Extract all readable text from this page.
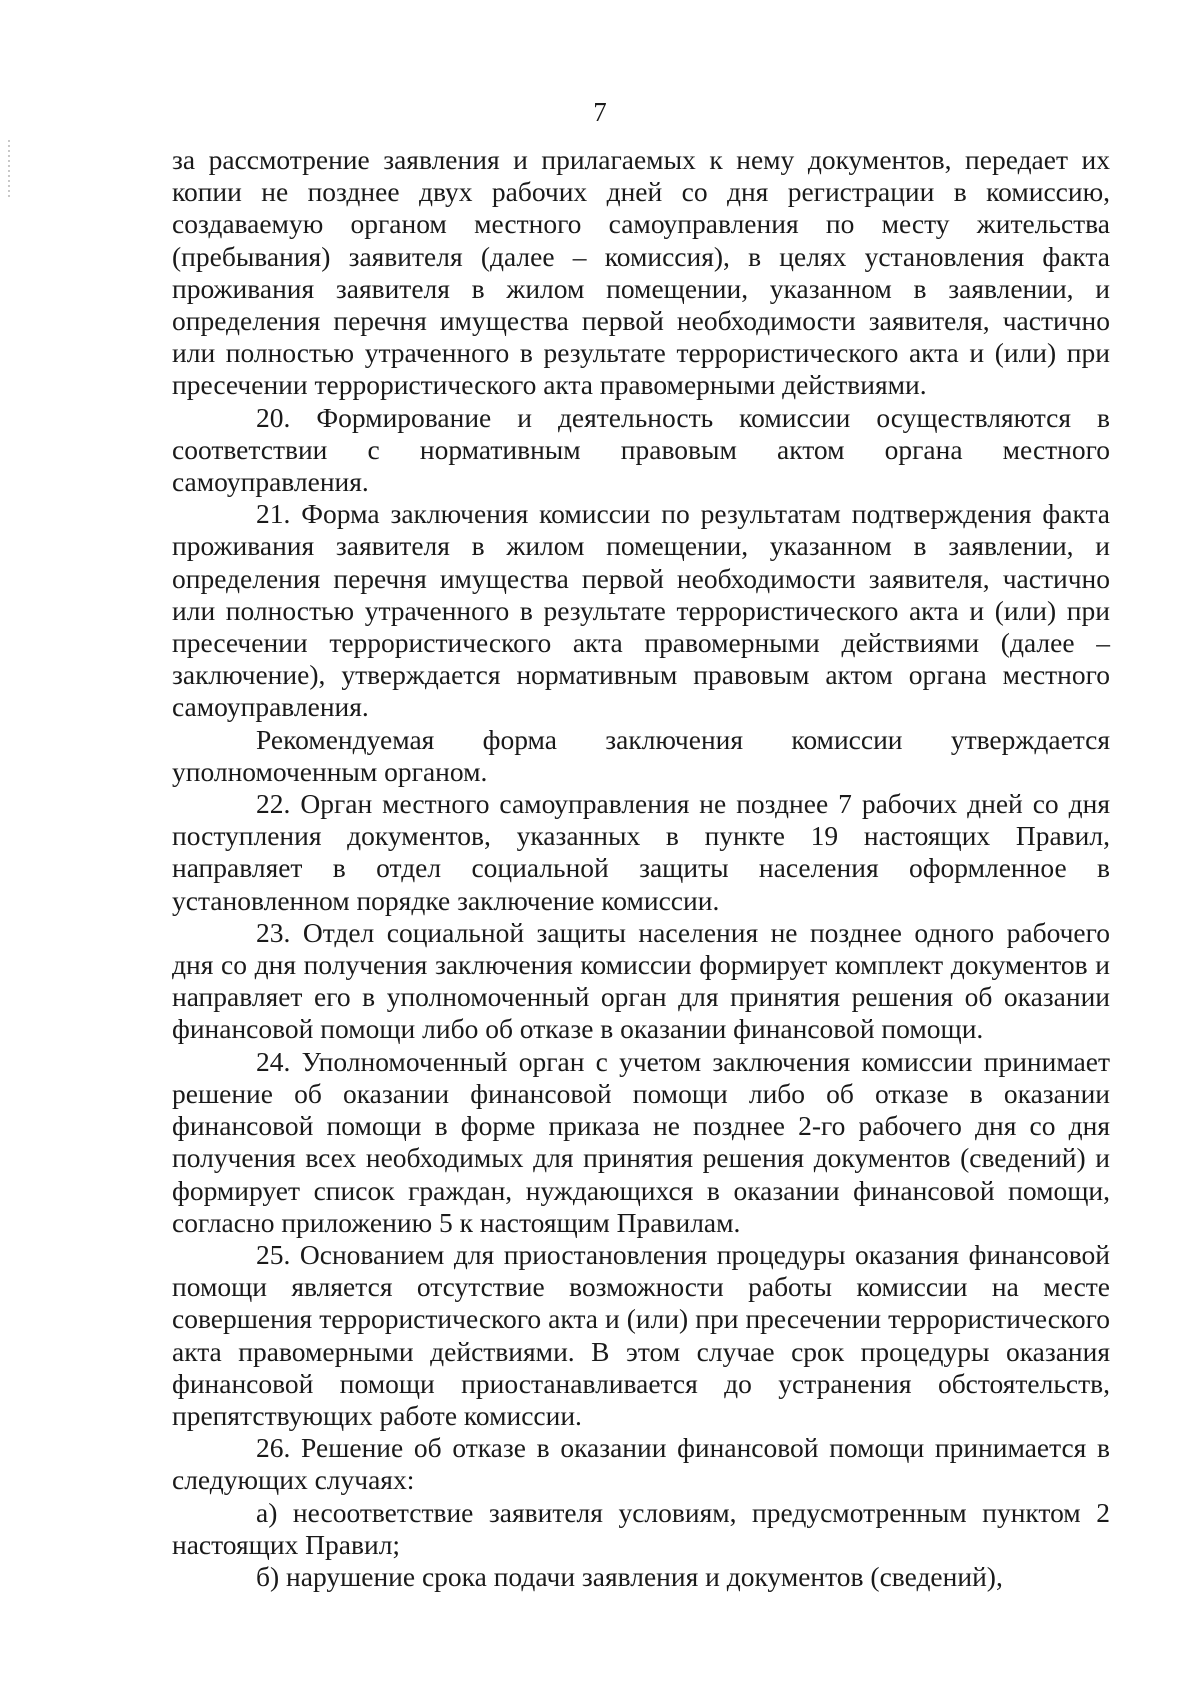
7

за рассмотрение заявления и прилагаемых к нему документов, передает их копии не позднее двух рабочих дней со дня регистрации в комиссию, создаваемую органом местного самоуправления по месту жительства (пребывания) заявителя (далее – комиссия), в целях установления факта проживания заявителя в жилом помещении, указанном в заявлении, и определения перечня имущества первой необходимости заявителя, частично или полностью утраченного в результате террористического акта и (или) при пресечении террористического акта правомерными действиями.

20. Формирование и деятельность комиссии осуществляются в соответствии с нормативным правовым актом органа местного самоуправления.

21. Форма заключения комиссии по результатам подтверждения факта проживания заявителя в жилом помещении, указанном в заявлении, и определения перечня имущества первой необходимости заявителя, частично или полностью утраченного в результате террористического акта и (или) при пресечении террористического акта правомерными действиями (далее – заключение), утверждается нормативным правовым актом органа местного самоуправления.

Рекомендуемая форма заключения комиссии утверждается уполномоченным органом.

22. Орган местного самоуправления не позднее 7 рабочих дней со дня поступления документов, указанных в пункте 19 настоящих Правил, направляет в отдел социальной защиты населения оформленное в установленном порядке заключение комиссии.

23. Отдел социальной защиты населения не позднее одного рабочего дня со дня получения заключения комиссии формирует комплект документов и направляет его в уполномоченный орган для принятия решения об оказании финансовой помощи либо об отказе в оказании финансовой помощи.

24. Уполномоченный орган с учетом заключения комиссии принимает решение об оказании финансовой помощи либо об отказе в оказании финансовой помощи в форме приказа не позднее 2-го рабочего дня со дня получения всех необходимых для принятия решения документов (сведений) и формирует список граждан, нуждающихся в оказании финансовой помощи, согласно приложению 5 к настоящим Правилам.

25. Основанием для приостановления процедуры оказания финансовой помощи является отсутствие возможности работы комиссии на месте совершения террористического акта и (или) при пресечении террористического акта правомерными действиями. В этом случае срок процедуры оказания финансовой помощи приостанавливается до устранения обстоятельств, препятствующих работе комиссии.

26. Решение об отказе в оказании финансовой помощи принимается в следующих случаях:

а) несоответствие заявителя условиям, предусмотренным пунктом 2 настоящих Правил;

б) нарушение срока подачи заявления и документов (сведений),
